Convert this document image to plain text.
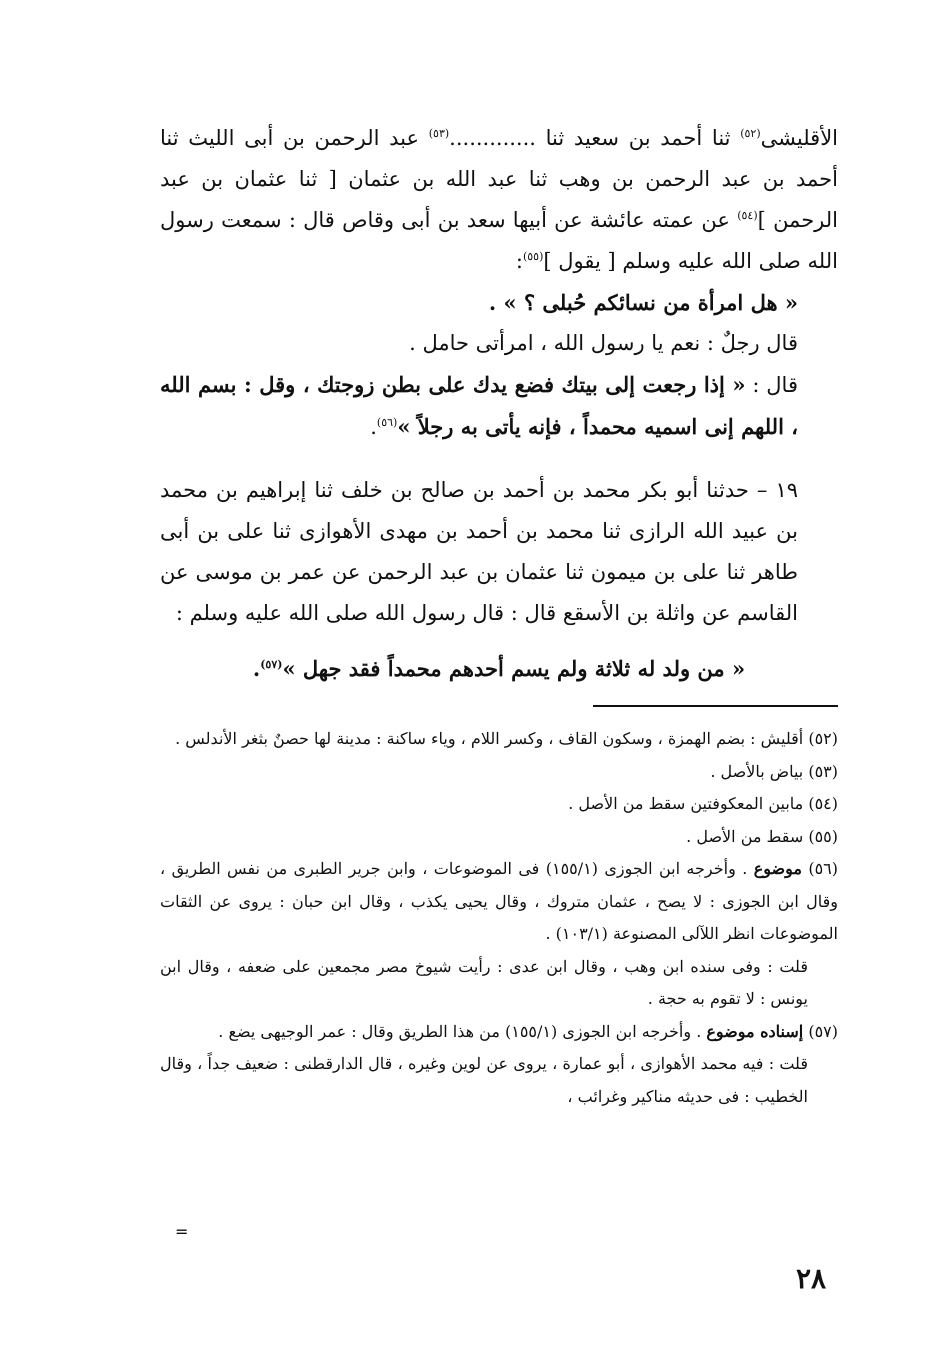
الأقليشى$^{(٥٢)}$ ثنا أحمد بن سعيد ثنا .............$^{(٥٣)}$ عبد الرحمن بن أبى الليث ثنا أحمد بن عبد الرحمن بن وهب ثنا عبد الله بن عثمان [ ثنا عثمان بن عبد الرحمن ]$^{(٥٤)}$ عن عمته عائشة عن أبيها سعد بن أبى وقاص قال : سمعت رسول الله صلى الله عليه وسلم [ يقول ]$^{(٥٥)}$:

« هل امرأة من نسائكم حُبلى ؟ » .

قال رجلٌ : نعم يا رسول الله ، امرأتى حامل .

قال : « إذا رجعت إلى بيتك فضع يدك على بطن زوجتك ، وقل : بسم الله ، اللهم إنى اسميه محمداً ، فإنه يأتى به رجلاً »$^{(٥٦)}$.

١٩ – حدثنا أبو بكر محمد بن أحمد بن صالح بن خلف ثنا إبراهيم بن محمد بن عبيد الله الرازى ثنا محمد بن أحمد بن مهدى الأهوازى ثنا على بن أبى طاهر ثنا على بن ميمون ثنا عثمان بن عبد الرحمن عن عمر بن موسى عن القاسم عن واثلة بن الأسقع قال : قال رسول الله صلى الله عليه وسلم :

« من ولد له ثلاثة ولم يسم أحدهم محمداً فقد جهل »$^{(٥٧)}$.

(٥٢) أقليش : بضم الهمزة ، وسكون القاف ، وكسر اللام ، وياء ساكنة : مدينة لها حصنٌ بثغر الأندلس .

(٥٣) بياض بالأصل .

(٥٤) مابين المعكوفتين سقط من الأصل .

(٥٥) سقط من الأصل .

(٥٦) موضوع . وأخرجه ابن الجوزى (١٥٥/١) فى الموضوعات ، وابن جرير الطبرى من نفس الطريق ، وقال ابن الجوزى : لا يصح ، عثمان متروك ، وقال يحيى يكذب ، وقال ابن حبان : يروى عن الثقات الموضوعات انظر اللآلى المصنوعة (١٠٣/١) .

قلت : وفى سنده ابن وهب ، وقال ابن عدى : رأيت شيوخ مصر مجمعين على ضعفه ، وقال ابن يونس : لا تقوم به حجة .

(٥٧) إسناده موضوع . وأخرجه ابن الجوزى (١٥٥/١) من هذا الطريق وقال : عمر الوجيهى يضع .

قلت : فيه محمد الأهوازى ، أبو عمارة ، يروى عن لوين وغيره ، قال الدارقطنى : ضعيف جداً ، وقال الخطيب : فى حديثه مناكير وغرائب ،

=
٢٨
